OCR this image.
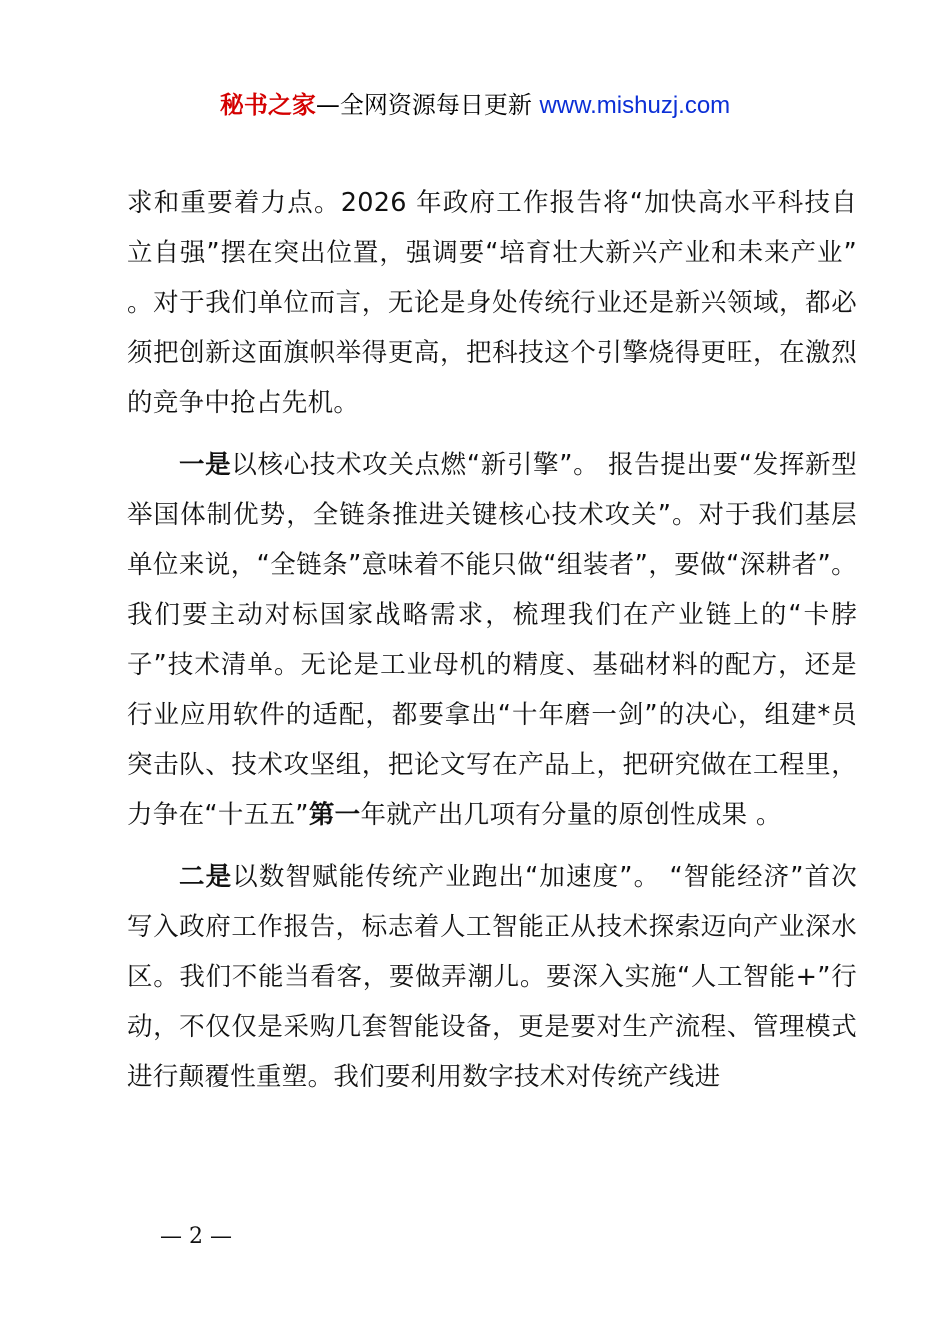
秘书之家—全网资源每日更新 www.mishuzj.com

求和重要着力点。2026 年政府工作报告将“加快高水平科技自立自强”摆在突出位置，强调要“培育壮大新兴产业和未来产业” 。对于我们单位而言，无论是身处传统行业还是新兴领域，都必须把创新这面旗帜举得更高，把科技这个引擎烧得更旺，在激烈的竞争中抢占先机。

一是以核心技术攻关点燃“新引擎”。 报告提出要“发挥新型举国体制优势，全链条推进关键核心技术攻关”。对于我们基层单位来说，“全链条”意味着不能只做“组装者”，要做“深耕者”。我们要主动对标国家战略需求，梳理我们在产业链上的“卡脖子”技术清单。无论是工业母机的精度、基础材料的配方，还是行业应用软件的适配，都要拿出“十年磨一剑”的决心，组建*员突击队、技术攻坚组，把论文写在产品上，把研究做在工程里，力争在“十五五”第一年就产出几项有分量的原创性成果 。

二是以数智赋能传统产业跑出“加速度”。 “智能经济”首次写入政府工作报告，标志着人工智能正从技术探索迈向产业深水区。我们不能当看客，要做弄潮儿。要深入实施“人工智能+”行动，不仅仅是采购几套智能设备，更是要对生产流程、管理模式进行颠覆性重塑。我们要利用数字技术对传统产线进

— 2 —
